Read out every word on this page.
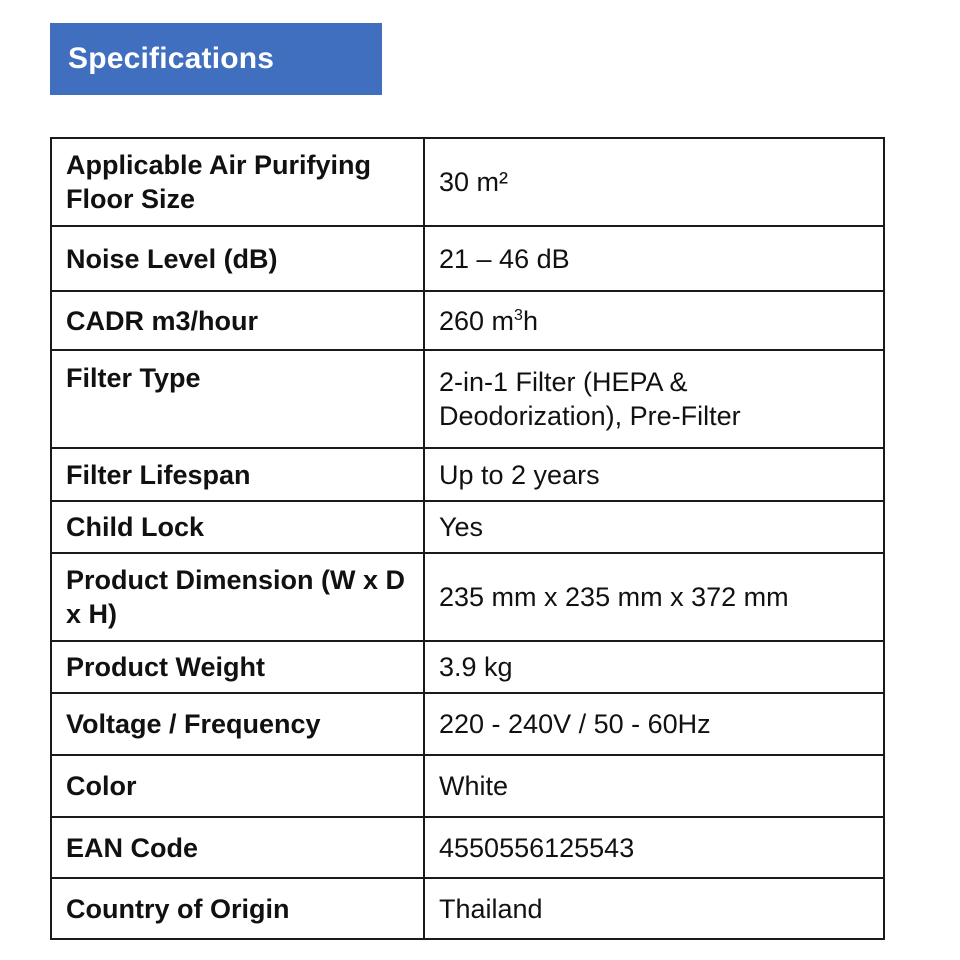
Specifications
Applicable Air Purifying Floor Size	30 m²
Noise Level (dB)	21 – 46 dB
CADR m3/hour	260 $m^3h$
Filter Type	2-in-1 Filter (HEPA & Deodorization), Pre-Filter
Filter Lifespan	Up to 2 years
Child Lock	Yes
Product Dimension (W x D x H)	235 mm x 235 mm x 372 mm
Product Weight	3.9 kg
Voltage / Frequency	220 - 240V / 50 - 60Hz
Color	White
EAN Code	4550556125543
Country of Origin	Thailand
